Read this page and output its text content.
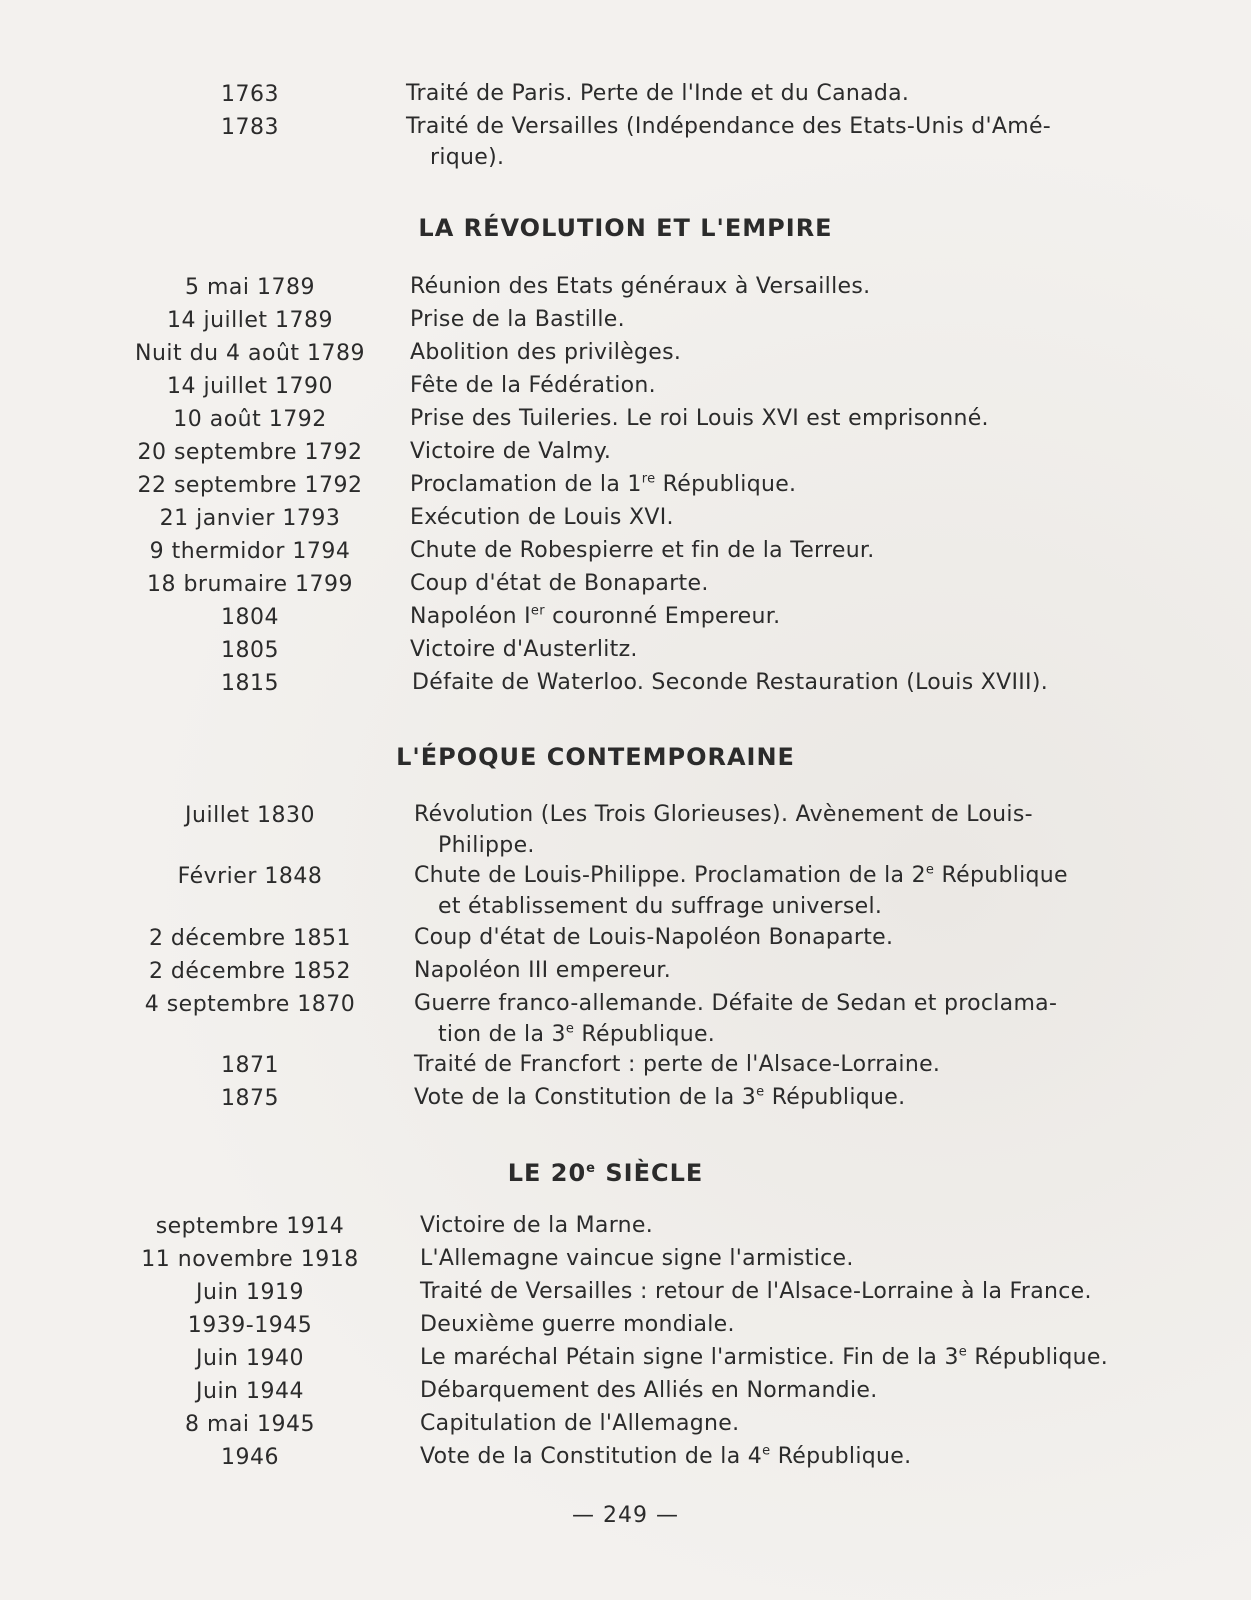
1763	Traité de Paris. Perte de l'Inde et du Canada.
1783	Traité de Versailles (Indépendance des Etats-Unis d'Amé-
rique).
LA RÉVOLUTION ET L'EMPIRE
5 mai 1789	Réunion des Etats généraux à Versailles.
14 juillet 1789	Prise de la Bastille.
Nuit du 4 août 1789	Abolition des privilèges.
14 juillet 1790	Fête de la Fédération.
10 août 1792	Prise des Tuileries. Le roi Louis XVI est emprisonné.
20 septembre 1792	Victoire de Valmy.
22 septembre 1792	Proclamation de la 1re République.
21 janvier 1793	Exécution de Louis XVI.
9 thermidor 1794	Chute de Robespierre et fin de la Terreur.
18 brumaire 1799	Coup d'état de Bonaparte.
1804	Napoléon Ier couronné Empereur.
1805	Victoire d'Austerlitz.
1815	Défaite de Waterloo. Seconde Restauration (Louis XVIII).
L'ÉPOQUE CONTEMPORAINE
Juillet 1830	Révolution (Les Trois Glorieuses). Avènement de Louis-
Philippe.
Février 1848	Chute de Louis-Philippe. Proclamation de la 2e République
et établissement du suffrage universel.
2 décembre 1851	Coup d'état de Louis-Napoléon Bonaparte.
2 décembre 1852	Napoléon III empereur.
4 septembre 1870	Guerre franco-allemande. Défaite de Sedan et proclama-
tion de la 3e République.
1871	Traité de Francfort : perte de l'Alsace-Lorraine.
1875	Vote de la Constitution de la 3e République.
LE 20e SIÈCLE
septembre 1914	Victoire de la Marne.
11 novembre 1918	L'Allemagne vaincue signe l'armistice.
Juin 1919	Traité de Versailles : retour de l'Alsace-Lorraine à la France.
1939-1945	Deuxième guerre mondiale.
Juin 1940	Le maréchal Pétain signe l'armistice. Fin de la 3e République.
Juin 1944	Débarquement des Alliés en Normandie.
8 mai 1945	Capitulation de l'Allemagne.
1946	Vote de la Constitution de la 4e République.
— 249 —
